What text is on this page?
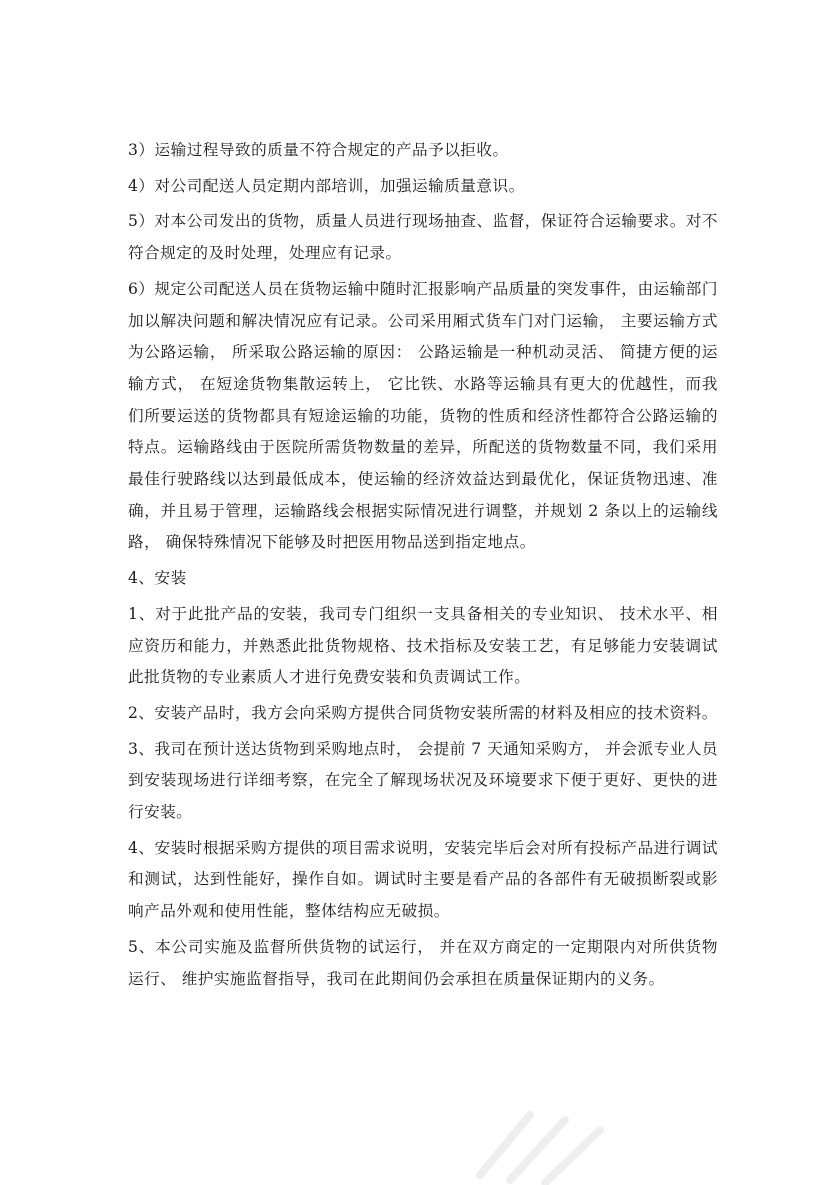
3）运输过程导致的质量不符合规定的产品予以拒收。

4）对公司配送人员定期内部培训，加强运输质量意识。

5）对本公司发出的货物，质量人员进行现场抽查、监督，保证符合运输要求。对不符合规定的及时处理，处理应有记录。

6）规定公司配送人员在货物运输中随时汇报影响产品质量的突发事件，由运输部门加以解决问题和解决情况应有记录。公司采用厢式货车门对门运输， 主要运输方式为公路运输， 所采取公路运输的原因： 公路运输是一种机动灵活、 简捷方便的运输方式， 在短途货物集散运转上， 它比铁、水路等运输具有更大的优越性，而我们所要运送的货物都具有短途运输的功能，货物的性质和经济性都符合公路运输的特点。运输路线由于医院所需货物数量的差异，所配送的货物数量不同，我们采用最佳行驶路线以达到最低成本，使运输的经济效益达到最优化，保证货物迅速、准确，并且易于管理，运输路线会根据实际情况进行调整，并规划 2 条以上的运输线路， 确保特殊情况下能够及时把医用物品送到指定地点。

4、安装

1、对于此批产品的安装，我司专门组织一支具备相关的专业知识、 技术水平、相应资历和能力，并熟悉此批货物规格、技术指标及安装工艺，有足够能力安装调试此批货物的专业素质人才进行免费安装和负责调试工作。

2、安装产品时，我方会向采购方提供合同货物安装所需的材料及相应的技术资料。

3、我司在预计送达货物到采购地点时， 会提前 7 天通知采购方， 并会派专业人员到安装现场进行详细考察，在完全了解现场状况及环境要求下便于更好、更快的进行安装。

4、安装时根据采购方提供的项目需求说明，安装完毕后会对所有投标产品进行调试和测试，达到性能好，操作自如。调试时主要是看产品的各部件有无破损断裂或影响产品外观和使用性能，整体结构应无破损。

5、本公司实施及监督所供货物的试运行， 并在双方商定的一定期限内对所供货物运行、 维护实施监督指导，我司在此期间仍会承担在质量保证期内的义务。
